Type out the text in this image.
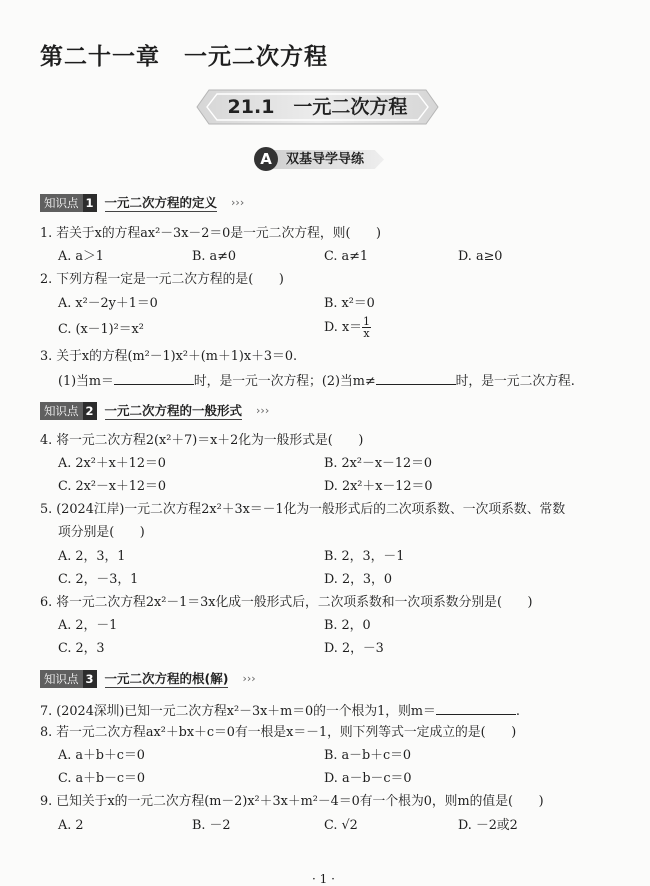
第二十一章　一元二次方程
21.1　一元二次方程
A	双基导学导练
知识点 1 $^{一元二次方程的定义}$ ›››
1. 若关于x的方程ax²－3x－2＝0是一元二次方程，则(　　)
A. a＞1	B. a≠0	C. a≠1	D. a≥0
2. 下列方程一定是一元二次方程的是(　　)
A. x²－2y＋1＝0	B. x²＝0
C. (x－1)²＝x²	D. $x= \frac{1}{x}$
3. 关于x的方程(m²－1)x²＋(m＋1)x＋3＝0.
(1)当m＝	时，是一元一次方程；(2)当m≠	时，是一元二次方程.
知识点 2 $^{一元二次方程的一般形式}$ ›››
4. 将一元二次方程2(x²＋7)＝x＋2化为一般形式是(　　)
A. 2x²＋x＋12＝0	B. 2x²－x－12＝0
C. 2x²－x＋12＝0	D. 2x²＋x－12＝0
5. (2024江岸)一元二次方程2x²＋3x＝－1化为一般形式后的二次项系数、一次项系数、常数
项分别是(　　)
A. 2，3，1	B. 2，3，－1
C. 2，－3，1	D. 2，3，0
6. 将一元二次方程2x²－1＝3x化成一般形式后，二次项系数和一次项系数分别是(　　)
A. 2，－1	B. 2，0
C. 2，3	D. 2，－3
知识点 3 $^{一元二次方程的根(解)}$ ›››
7. (2024深圳)已知一元二次方程x²－3x＋m＝0的一个根为1，则m＝	.
8. 若一元二次方程ax²＋bx＋c＝0有一根是x＝－1，则下列等式一定成立的是(　　)
A. a＋b＋c＝0	B. a－b＋c＝0
C. a＋b－c＝0	D. a－b－c＝0
9. 已知关于x的一元二次方程(m－2)x²＋3x＋m²－4＝0有一个根为0，则m的值是(　　)
A. 2	B. －2	C. √2	D. －2或2
· 1 ·
